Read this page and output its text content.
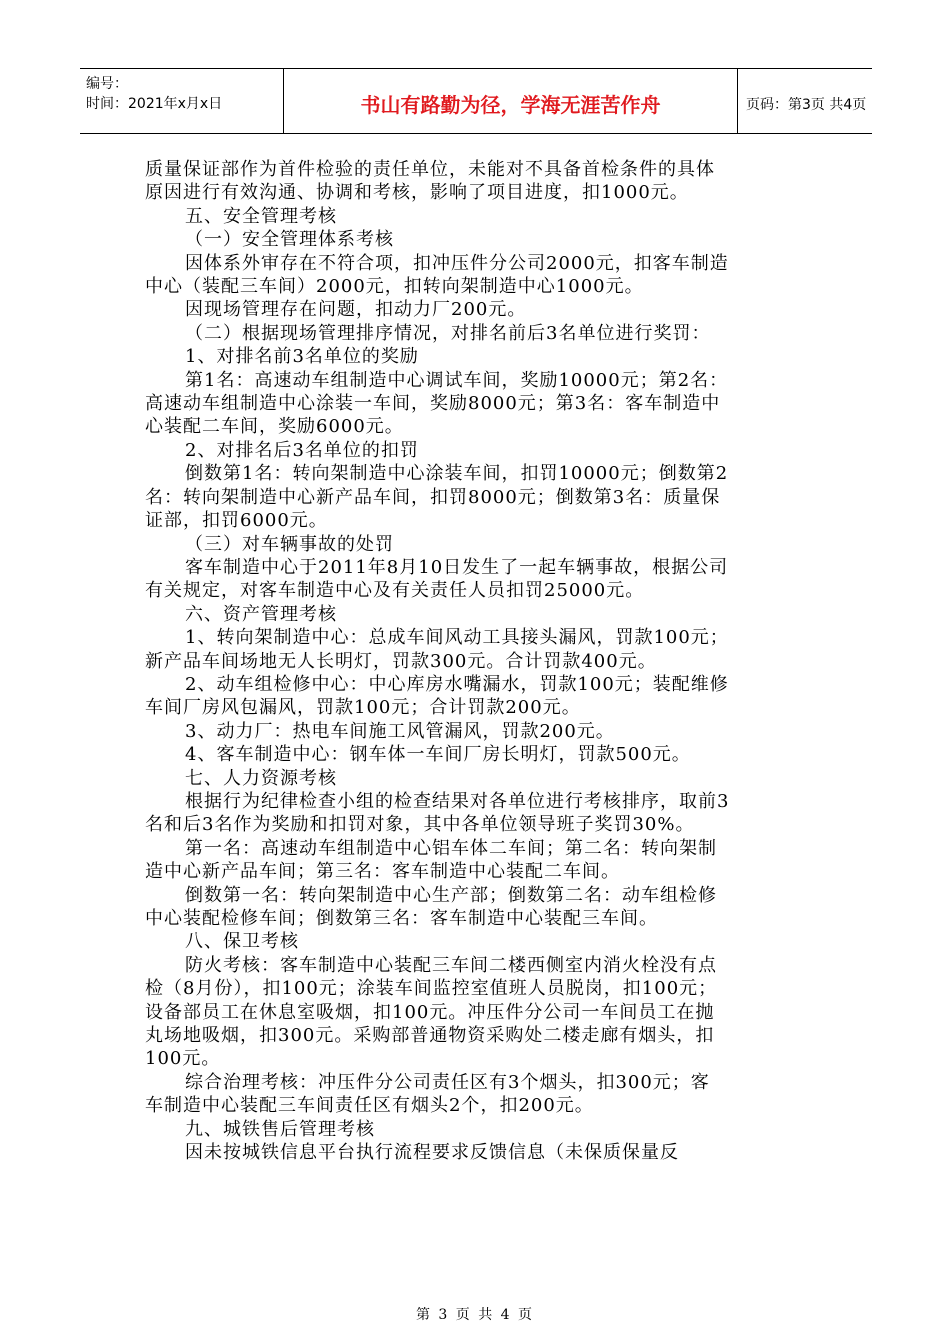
编号：
时间：2021年x月x日	书山有路勤为径，学海无涯苦作舟	页码：第3页 共4页

质量保证部作为首件检验的责任单位，未能对不具备首检条件的具体

原因进行有效沟通、协调和考核，影响了项目进度，扣1000元。

五、安全管理考核

（一）安全管理体系考核

因体系外审存在不符合项，扣冲压件分公司2000元，扣客车制造

中心（装配三车间）2000元，扣转向架制造中心1000元。

因现场管理存在问题，扣动力厂200元。

（二）根据现场管理排序情况，对排名前后3名单位进行奖罚：

1、对排名前3名单位的奖励

第1名：高速动车组制造中心调试车间，奖励10000元；第2名：

高速动车组制造中心涂装一车间，奖励8000元；第3名：客车制造中

心装配二车间，奖励6000元。

2、对排名后3名单位的扣罚

倒数第1名：转向架制造中心涂装车间，扣罚10000元；倒数第2

名：转向架制造中心新产品车间，扣罚8000元；倒数第3名：质量保

证部，扣罚6000元。

（三）对车辆事故的处罚

客车制造中心于2011年8月10日发生了一起车辆事故，根据公司

有关规定，对客车制造中心及有关责任人员扣罚25000元。

六、资产管理考核

1、转向架制造中心：总成车间风动工具接头漏风，罚款100元；

新产品车间场地无人长明灯，罚款300元。合计罚款400元。

2、动车组检修中心：中心库房水嘴漏水，罚款100元；装配维修

车间厂房风包漏风，罚款100元；合计罚款200元。

3、动力厂：热电车间施工风管漏风，罚款200元。

4、客车制造中心：钢车体一车间厂房长明灯，罚款500元。

七、人力资源考核

根据行为纪律检查小组的检查结果对各单位进行考核排序，取前3

名和后3名作为奖励和扣罚对象，其中各单位领导班子奖罚30%。

第一名：高速动车组制造中心铝车体二车间；第二名：转向架制

造中心新产品车间；第三名：客车制造中心装配二车间。

倒数第一名：转向架制造中心生产部；倒数第二名：动车组检修

中心装配检修车间；倒数第三名：客车制造中心装配三车间。

八、保卫考核

防火考核：客车制造中心装配三车间二楼西侧室内消火栓没有点

检（8月份），扣100元；涂装车间监控室值班人员脱岗，扣100元；

设备部员工在休息室吸烟，扣100元。冲压件分公司一车间员工在抛

丸场地吸烟，扣300元。采购部普通物资采购处二楼走廊有烟头，扣

100元。

综合治理考核：冲压件分公司责任区有3个烟头，扣300元；客

车制造中心装配三车间责任区有烟头2个，扣200元。

九、城铁售后管理考核

因未按城铁信息平台执行流程要求反馈信息（未保质保量反

第 3 页 共 4 页
